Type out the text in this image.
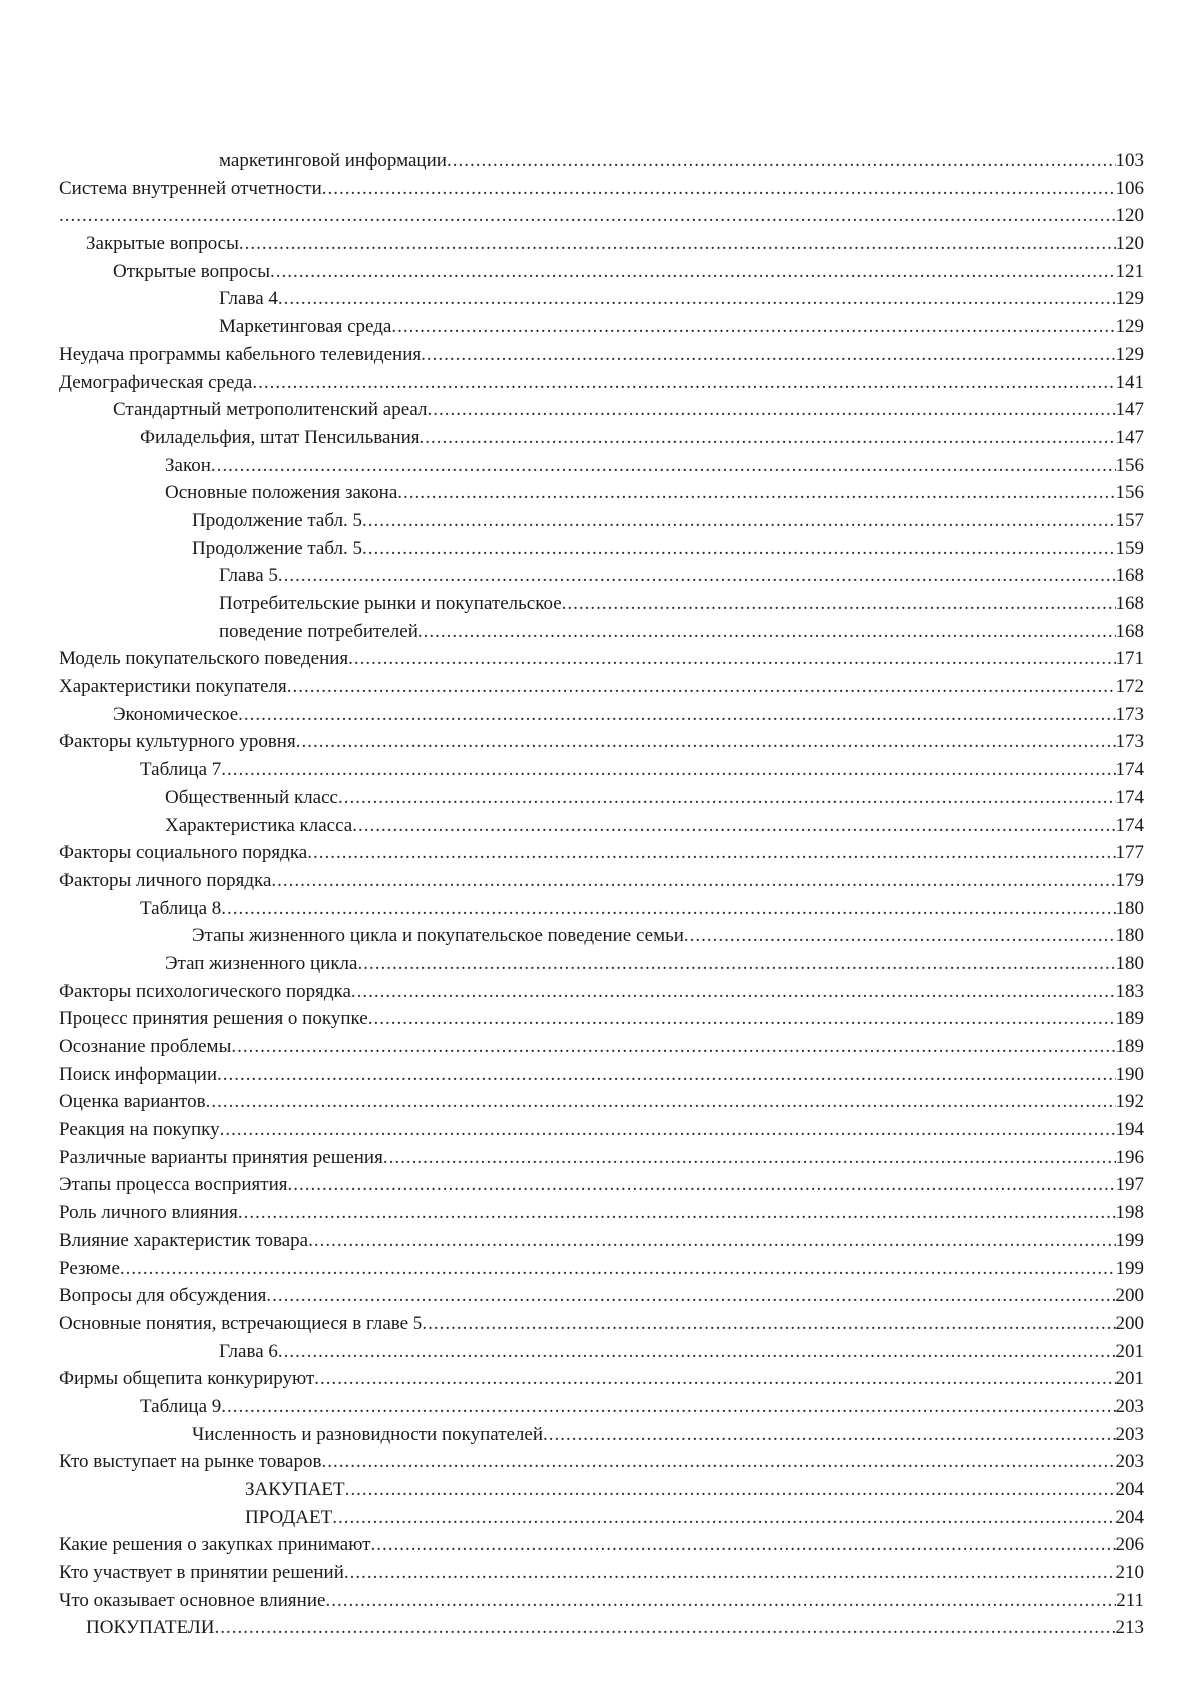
маркетинговой информации
.....	103
Система внутренней отчетности
.....	106
.....
120
Закрытые вопросы
.....	120
Открытые вопросы
.....	121
Глава 4
.....	129
Маркетинговая среда
.....	129
Неудача программы кабельного телевидения
.....	129
Демографическая среда
.....	141
Стандартный метрополитенский ареал
.....	147
Филадельфия, штат Пенсильвания
.....	147
Закон
.....	156
Основные положения закона
.....	156
Продолжение табл. 5
.....	157
Продолжение табл. 5
.....	159
Глава 5
.....	168
Потребительские рынки и покупательское
.....	168
поведение потребителей
.....	168
Модель покупательского поведения
.....	171
Характеристики покупателя
.....	172
Экономическое
.....	173
Факторы культурного уровня
.....	173
Таблица 7
.....	174
Общественный класс
.....	174
Характеристика класса
.....	174
Факторы социального порядка
.....	177
Факторы личного порядка
.....	179
Таблица 8
.....	180
Этапы жизненного цикла и покупательское поведение семьи
.....	180
Этап жизненного цикла
.....	180
Факторы психологического порядка
.....	183
Процесс принятия решения о покупке
.....	189
Осознание проблемы
.....	189
Поиск информации
.....	190
Оценка вариантов
.....	192
Реакция на покупку
.....	194
Различные варианты принятия решения
.....	196
Этапы процесса восприятия
.....	197
Роль личного влияния
.....	198
Влияние характеристик товара
.....	199
Резюме
.....	199
Вопросы для обсуждения
.....	200
Основные понятия, встречающиеся в главе 5
.....	200
Глава 6
.....	201
Фирмы общепита конкурируют
.....	201
Таблица 9
.....	203
Численность и разновидности покупателей
.....	203
Кто выступает на рынке товаров
.....	203
ЗАКУПАЕТ
.....	204
ПРОДАЕТ
.....	204
Какие решения о закупках принимают
.....	206
Кто участвует в принятии решений
.....	210
Что оказывает основное влияние
.....	211
ПОКУПАТЕЛИ
.....	213
